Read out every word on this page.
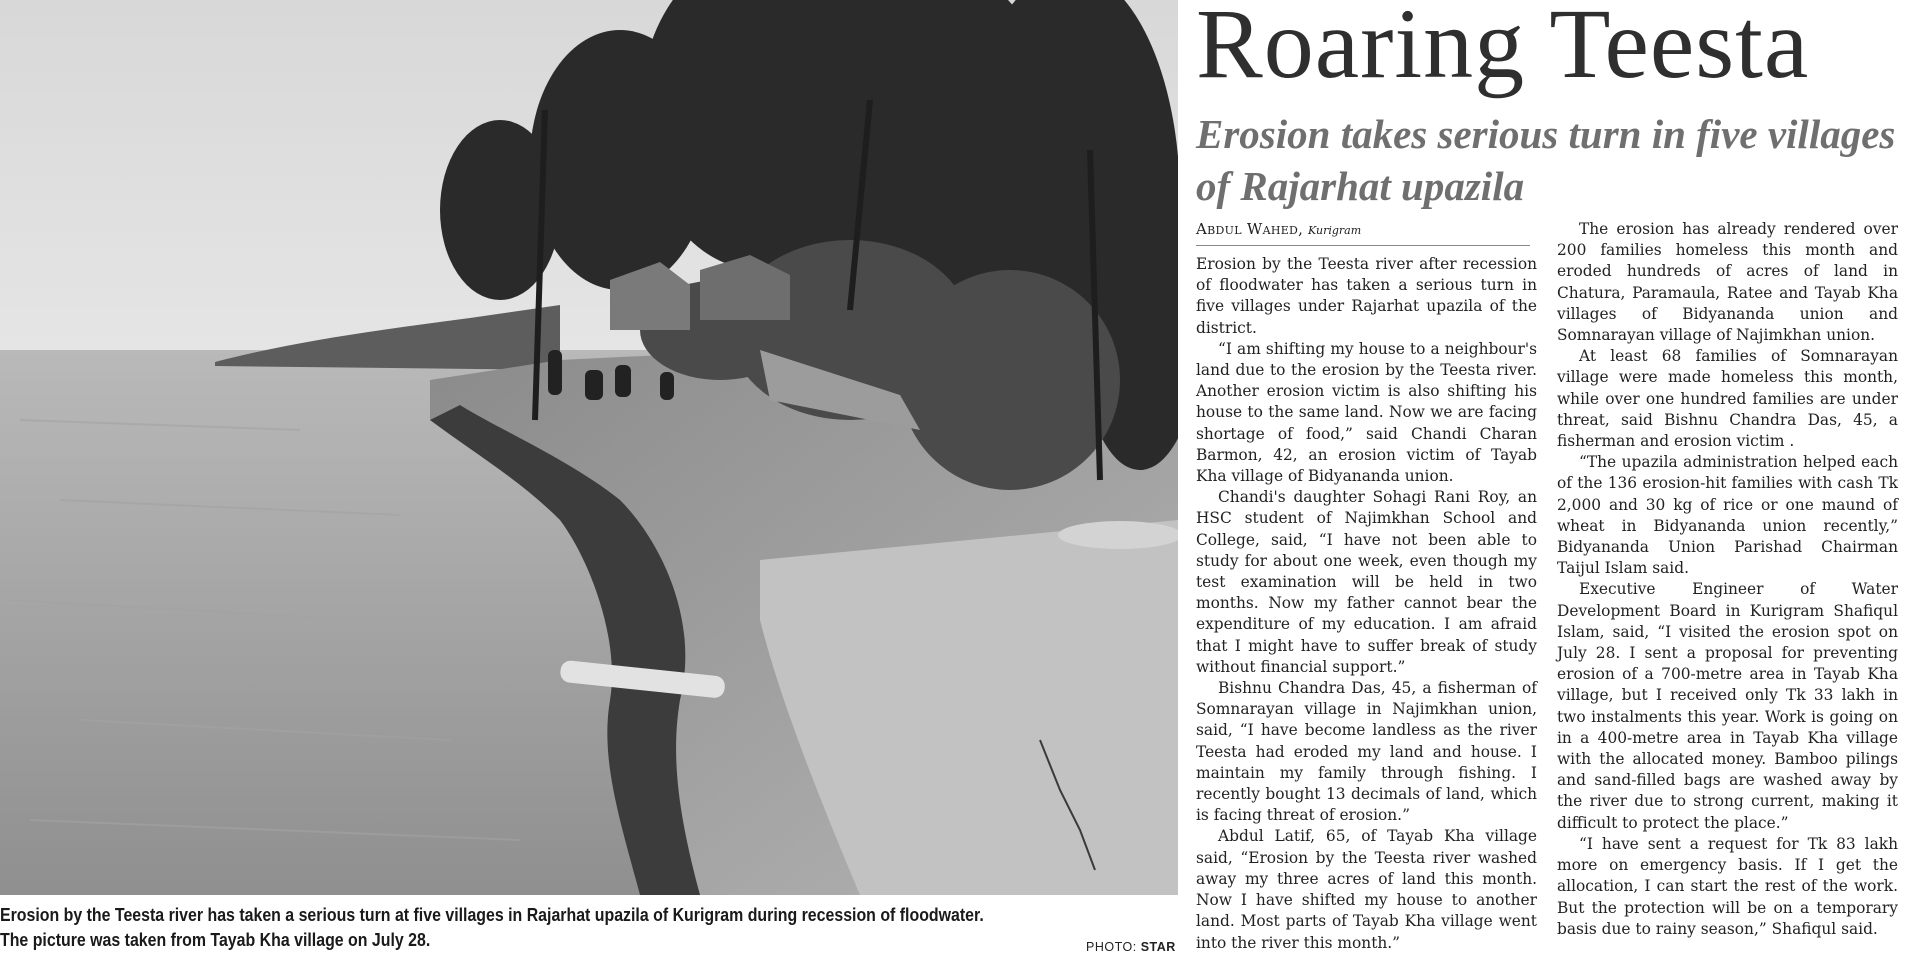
Erosion by the Teesta river has taken a serious turn at five villages in Rajarhat upazila of Kurigram during recession of floodwater. The picture was taken from Tayab Kha village on July 28.	PHOTO: STAR
Roaring Teesta
Erosion takes serious turn in five villages of Rajarhat upazila
Abdul Wahed, Kurigram

Erosion by the Teesta river after recession of floodwater has taken a serious turn in five villages under Rajarhat upazila of the district.

“I am shifting my house to a neighbour's land due to the erosion by the Teesta river. Another erosion victim is also shifting his house to the same land. Now we are facing shortage of food,” said Chandi Charan Barmon, 42, an erosion victim of Tayab Kha village of Bidyananda union.

Chandi's daughter Sohagi Rani Roy, an HSC student of Najimkhan School and College, said, “I have not been able to study for about one week, even though my test examination will be held in two months. Now my father cannot bear the expenditure of my education. I am afraid that I might have to suffer break of study without financial support.”

Bishnu Chandra Das, 45, a fisherman of Somnarayan village in Najimkhan union, said, “I have become landless as the river Teesta had eroded my land and house. I maintain my family through fishing. I recently bought 13 decimals of land, which is facing threat of erosion.”

Abdul Latif, 65, of Tayab Kha village said, “Erosion by the Teesta river washed away my three acres of land this month. Now I have shifted my house to another land. Most parts of Tayab Kha village went into the river this month.”

The erosion has already rendered over 200 families homeless this month and eroded hundreds of acres of land in Chatura, Paramaula, Ratee and Tayab Kha villages of Bidyananda union and Somnarayan village of Najimkhan union.

At least 68 families of Somnarayan village were made homeless this month, while over one hundred families are under threat, said Bishnu Chandra Das, 45, a fisherman and erosion victim .

“The upazila administration helped each of the 136 erosion-hit families with cash Tk 2,000 and 30 kg of rice or one maund of wheat in Bidyananda union recently,” Bidyananda Union Parishad Chairman Taijul Islam said.

Executive Engineer of Water Development Board in Kurigram Shafiqul Islam, said, “I visited the erosion spot on July 28. I sent a proposal for preventing erosion of a 700-metre area in Tayab Kha village, but I received only Tk 33 lakh in two instalments this year. Work is going on in a 400-metre area in Tayab Kha village with the allocated money. Bamboo pilings and sand-filled bags are washed away by the river due to strong current, making it difficult to protect the place.”

“I have sent a request for Tk 83 lakh more on emergency basis. If I get the allocation, I can start the rest of the work. But the protection will be on a temporary basis due to rainy season,” Shafiqul said.
